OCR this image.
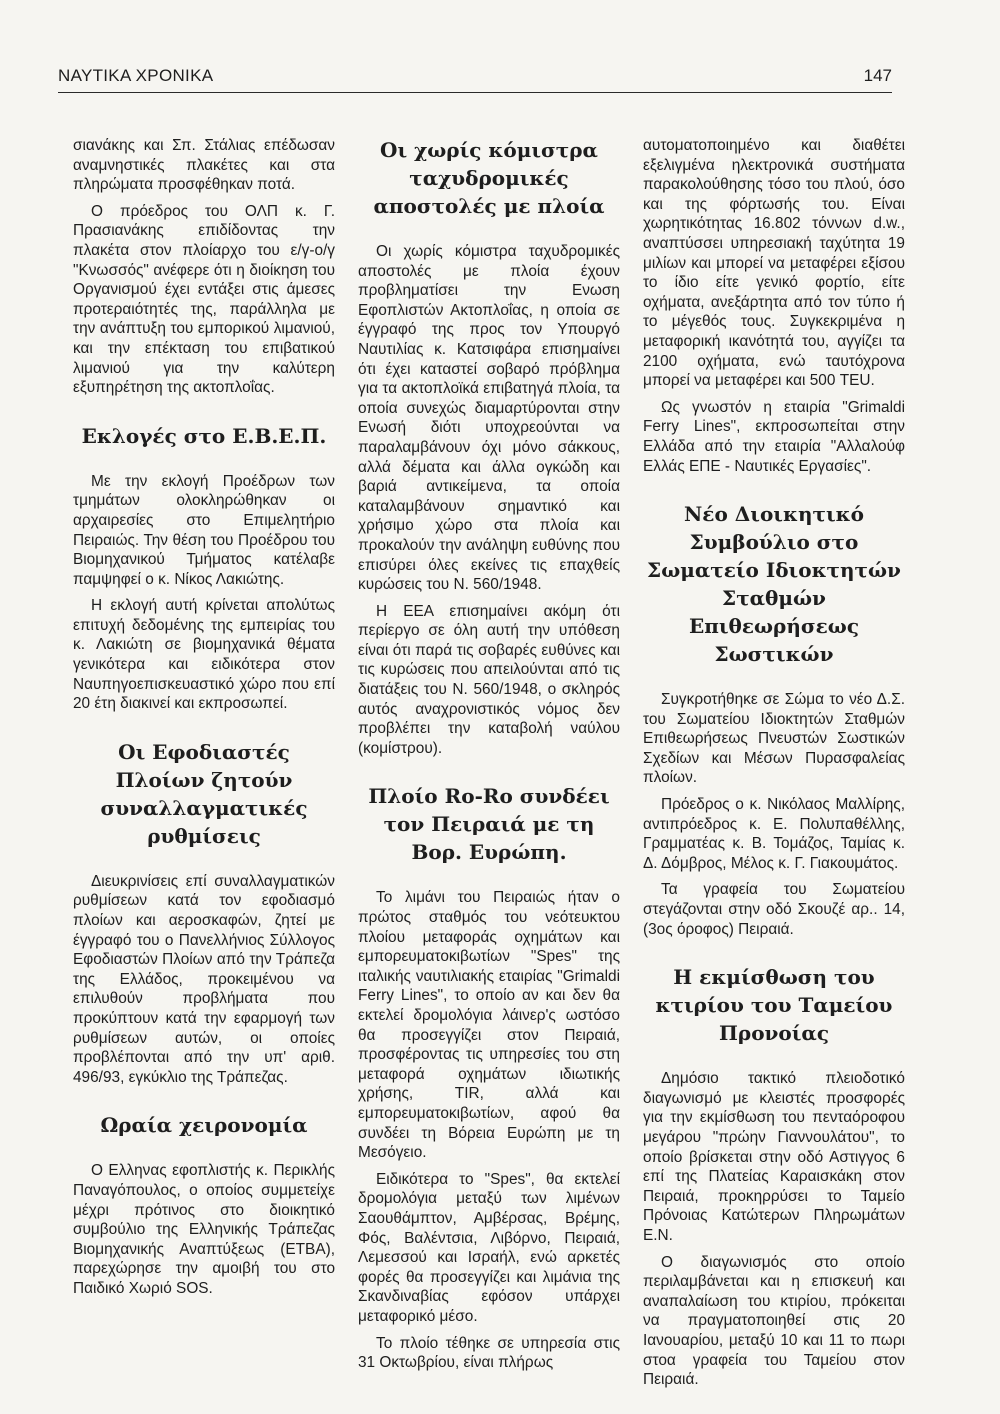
ΝΑΥΤΙΚΑ ΧΡΟΝΙΚΑ	147

σιανάκης και Σπ. Στάλιας επέδωσαν αναμνηστικές πλακέτες και στα πληρώματα προσφέθηκαν ποτά.

Ο πρόεδρος του ΟΛΠ κ. Γ. Πρασιανάκης επιδίδοντας την πλακέτα στον πλοίαρχο του ε/γ-ο/γ "Κνωσσός" ανέφερε ότι η διοίκηση του Οργανισμού έχει εντάξει στις άμεσες προτεραιότητές της, παράλληλα με την ανάπτυξη του εμπορικού λιμανιού, και την επέκταση του επιβατικού λιμανιού για την καλύτερη εξυπηρέτηση της ακτοπλοΐας.

Εκλογές στο Ε.Β.Ε.Π.

Με την εκλογή Προέδρων των τμημάτων ολοκληρώθηκαν οι αρχαιρεσίες στο Επιμελητήριο Πειραιώς. Την θέση του Προέδρου του Βιομηχανικού Τμήματος κατέλαβε παμψηφεί ο κ. Νίκος Λακιώτης.

Η εκλογή αυτή κρίνεται απολύτως επιτυχή δεδομένης της εμπειρίας του κ. Λακιώτη σε βιομηχανικά θέματα γενικότερα και ειδικότερα στον Ναυπηγοεπισκευαστικό χώρο που επί 20 έτη διακινεί και εκπροσωπεί.

Οι Εφοδιαστές Πλοίων ζητούν συναλλαγματικές ρυθμίσεις

Διευκρινίσεις επί συναλλαγματικών ρυθμίσεων κατά τον εφοδιασμό πλοίων και αεροσκαφών, ζητεί με έγγραφό του ο Πανελλήνιος Σύλλογος Εφοδιαστών Πλοίων από την Τράπεζα της Ελλάδος, προκειμένου να επιλυθούν προβλήματα που προκύπτουν κατά την εφαρμογή των ρυθμίσεων αυτών, οι οποίες προβλέπονται από την υπ' αριθ. 496/93, εγκύκλιο της Τράπεζας.

Ωραία χειρονομία

Ο Ελληνας εφοπλιστής κ. Περικλής Παναγόπουλος, ο οποίος συμμετείχε μέχρι πρότινος στο διοικητικό συμβούλιο της Ελληνικής Τράπεζας Βιομηχανικής Αναπτύξεως (ΕΤΒΑ), παρεχώρησε την αμοιβή του στο Παιδικό Χωριό SOS.

Οι χωρίς κόμιστρα ταχυδρομικές αποστολές με πλοία

Οι χωρίς κόμιστρα ταχυδρομικές αποστολές με πλοία έχουν προβληματίσει την Ενωση Εφοπλιστών Ακτοπλοΐας, η οποία σε έγγραφό της προς τον Υπουργό Ναυτιλίας κ. Κατσιφάρα επισημαίνει ότι έχει καταστεί σοβαρό πρόβλημα για τα ακτοπλοϊκά επιβατηγά πλοία, τα οποία συνεχώς διαμαρτύρονται στην Ενωσή διότι υποχρεούνται να παραλαμβάνουν όχι μόνο σάκκους, αλλά δέματα και άλλα ογκώδη και βαριά αντικείμενα, τα οποία καταλαμβάνουν σημαντικό και χρήσιμο χώρο στα πλοία και προκαλούν την ανάληψη ευθύνης που επισύρει όλες εκείνες τις επαχθείς κυρώσεις του Ν. 560/1948.

Η ΕΕΑ επισημαίνει ακόμη ότι περίεργο σε όλη αυτή την υπόθεση είναι ότι παρά τις σοβαρές ευθύνες και τις κυρώσεις που απειλούνται από τις διατάξεις του Ν. 560/1948, ο σκληρός αυτός αναχρονιστικός νόμος δεν προβλέπει την καταβολή ναύλου (κομίστρου).

Πλοίο Ro-Ro συνδέει τον Πειραιά με τη Βορ. Ευρώπη.

Το λιμάνι του Πειραιώς ήταν ο πρώτος σταθμός του νεότευκτου πλοίου μεταφοράς οχημάτων και εμπορευματοκιβωτίων "Spes" της ιταλικής ναυτιλιακής εταιρίας "Grimaldi Ferry Lines", το οποίο αν και δεν θα εκτελεί δρομολόγια λάινερ'ς ωστόσο θα προσεγγίζει στον Πειραιά, προσφέροντας τις υπηρεσίες του στη μεταφορά οχημάτων ιδιωτικής χρήσης, TIR, αλλά και εμπορευματοκιβωτίων, αφού θα συνδέει τη Βόρεια Ευρώπη με τη Μεσόγειο.

Ειδικότερα το "Spes", θα εκτελεί δρομολόγια μεταξύ των λιμένων Σαουθάμπτον, Αμβέρσας, Βρέμης, Φός, Βαλέντσια, Λιβόρνο, Πειραιά, Λεμεσσού και Ισραήλ, ενώ αρκετές φορές θα προσεγγίζει και λιμάνια της Σκανδιναβίας εφόσον υπάρχει μεταφορικό μέσο.

Το πλοίο τέθηκε σε υπηρεσία στις 31 Οκτωβρίου, είναι πλήρως

αυτοματοποιημένο και διαθέτει εξελιγμένα ηλεκτρονικά συστήματα παρακολούθησης τόσο του πλού, όσο και της φόρτωσής του. Είναι χωρητικότητας 16.802 τόννων d.w., αναπτύσσει υπηρεσιακή ταχύτητα 19 μιλίων και μπορεί να μεταφέρει εξίσου το ίδιο είτε γενικό φορτίο, είτε οχήματα, ανεξάρτητα από τον τύπο ή το μέγεθός τους. Συγκεκριμένα η μεταφορική ικανότητά του, αγγίζει τα 2100 οχήματα, ενώ ταυτόχρονα μπορεί να μεταφέρει και 500 TEU.

Ως γνωστόν η εταιρία "Grimaldi Ferry Lines", εκπροσωπείται στην Ελλάδα από την εταιρία "Αλλαλούφ Ελλάς ΕΠΕ - Ναυτικές Εργασίες".

Νέο Διοικητικό Συμβούλιο στο Σωματείο Ιδιοκτητών Σταθμών Επιθεωρήσεως Σωστικών

Συγκροτήθηκε σε Σώμα το νέο Δ.Σ. του Σωματείου Ιδιοκτητών Σταθμών Επιθεωρήσεως Πνευστών Σωστικών Σχεδίων και Μέσων Πυρασφαλείας πλοίων.

Πρόεδρος ο κ. Νικόλαος Μαλλίρης, αντιπρόεδρος κ. Ε. Πολυπαθέλλης, Γραμματέας κ. Β. Τομάζος, Ταμίας κ. Δ. Δόμβρος, Μέλος κ. Γ. Γιακουμάτος.

Τα γραφεία του Σωματείου στεγάζονται στην οδό Σκουζέ αρ.. 14, (3ος όροφος) Πειραιά.

Η εκμίσθωση του κτιρίου του Ταμείου Προνοίας

Δημόσιο τακτικό πλειοδοτικό διαγωνισμό με κλειστές προσφορές για την εκμίσθωση του πενταόροφου μεγάρου "πρώην Γιαννουλάτου", το οποίο βρίσκεται στην οδό Αστιγγος 6 επί της Πλατείας Καραισκάκη στον Πειραιά, προκηρρύσει το Ταμείο Πρόνοιας Κατώτερων Πληρωμάτων Ε.Ν.

Ο διαγωνισμός στο οποίο περιλαμβάνεται και η επισκευή και αναπαλαίωση του κτιρίου, πρόκειται να πραγματοποιηθεί στις 20 Ιανουαρίου, μεταξύ 10 και 11 το πωρι στοα γραφεία του Ταμείου στον Πειραιά.
